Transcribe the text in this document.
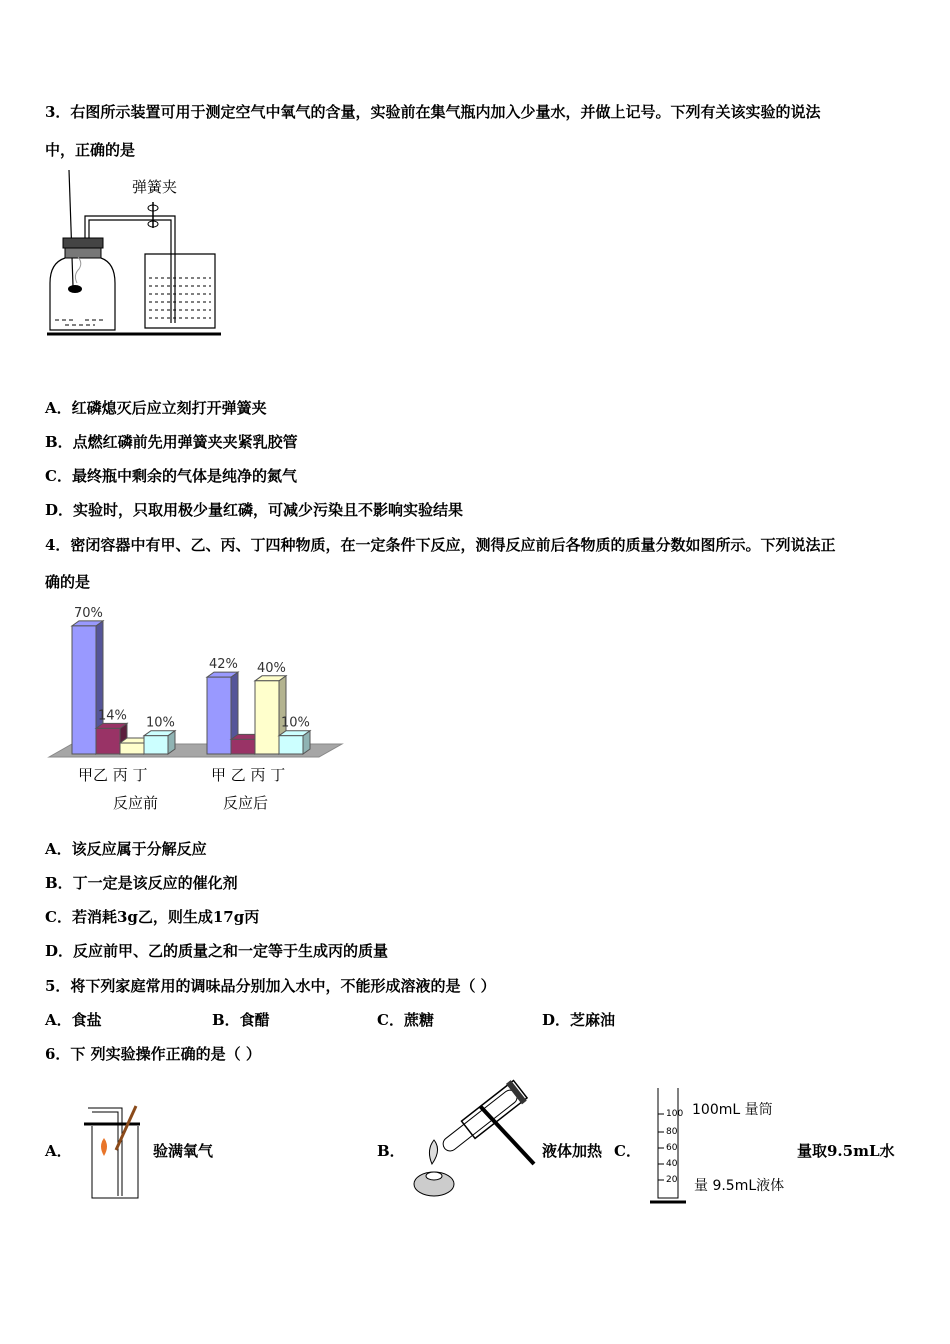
3．右图所示装置可用于测定空气中氧气的含量，实验前在集气瓶内加入少量水，并做上记号。下列有关该实验的说法
中，正确的是
弹簧夹
A．红磷熄灭后应立刻打开弹簧夹
B．点燃红磷前先用弹簧夹夹紧乳胶管
C．最终瓶中剩余的气体是纯净的氮气
D．实验时，只取用极少量红磷，可减少污染且不影响实验结果
4．密闭容器中有甲、乙、丙、丁四种物质，在一定条件下反应，测得反应前后各物质的质量分数如图所示。下列说法正
确的是
70%
14% 10%
42% 40%
10%
甲乙 丙 丁	甲 乙 丙 丁
反应前	反应后
A．该反应属于分解反应
B．丁一定是该反应的催化剂
C．若消耗3g乙，则生成17g丙
D．反应前甲、乙的质量之和一定等于生成丙的质量
5．将下列家庭常用的调味品分别加入水中，不能形成溶液的是（ ）
A．食盐	B．食醋	C．蔗糖	D．芝麻油
6．下 列实验操作正确的是（ ）
A．	验满氧气	B．	液体加热 C．
100
80
60
40
20
100mL 量筒
量 9.5mL液体
量取9.5mL水
